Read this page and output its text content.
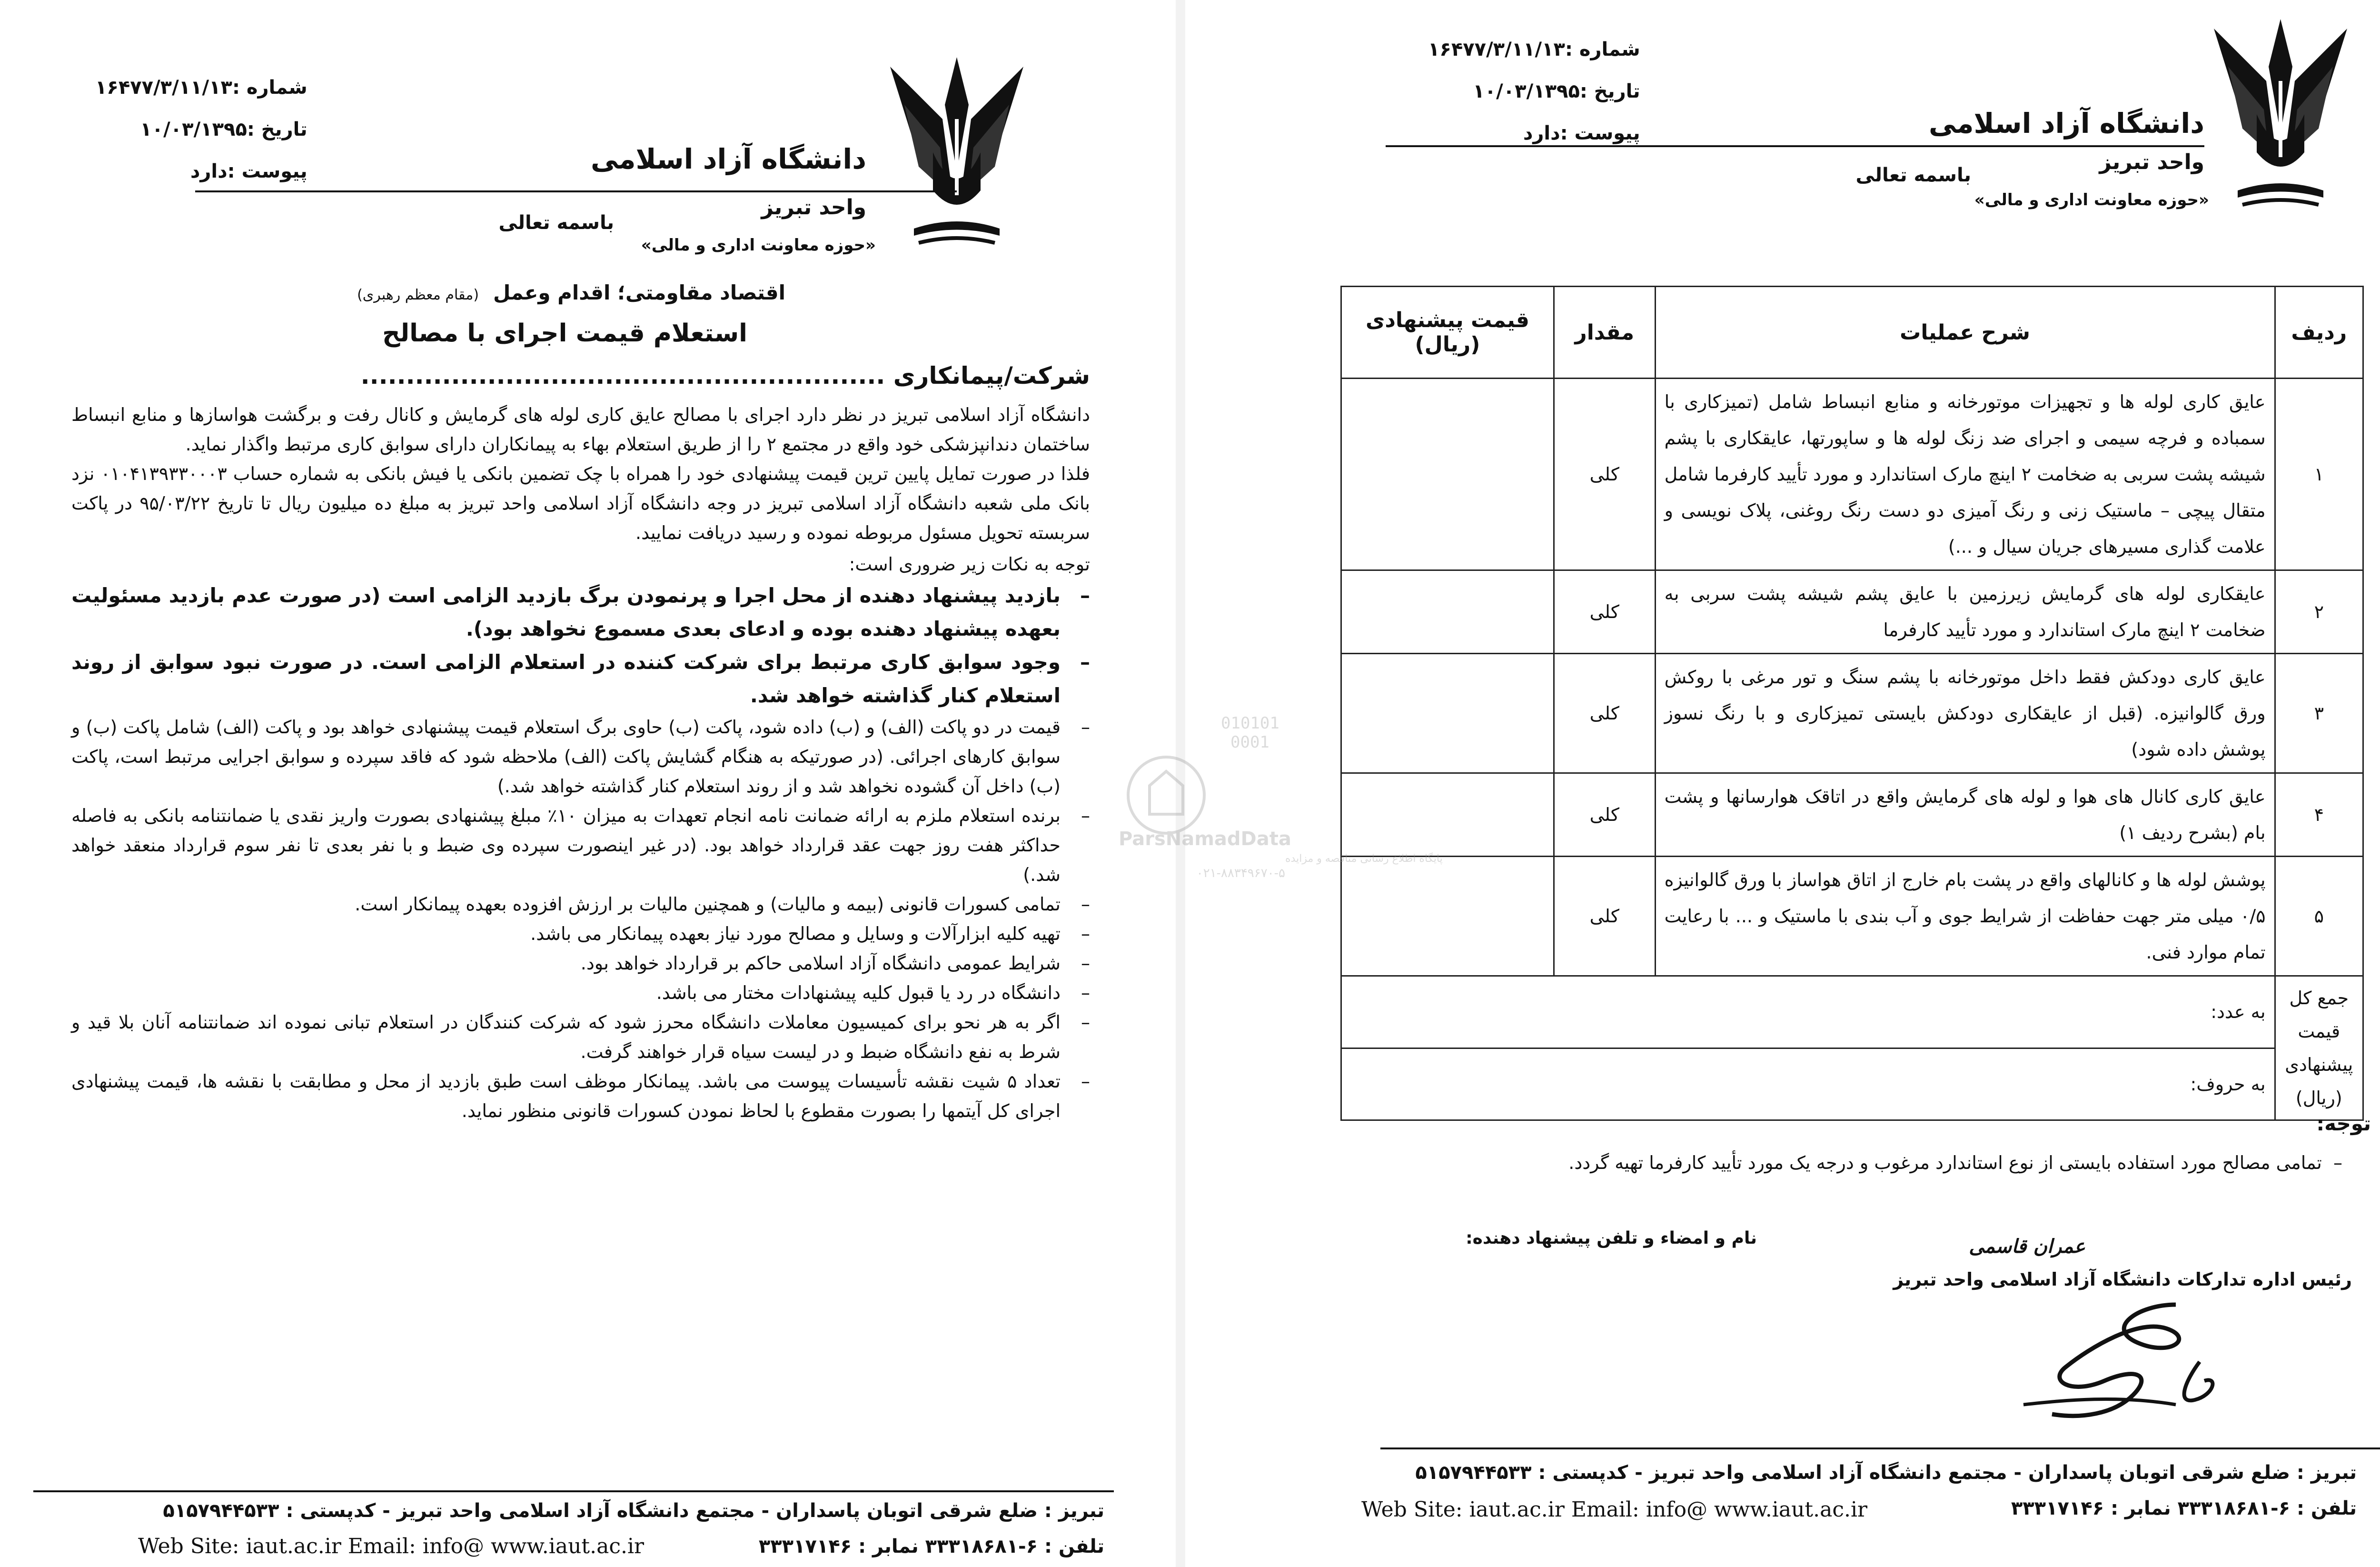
دانشگاه آزاد اسلامی
واحد تبریز
باسمه تعالی
«حوزه معاونت اداری و مالی»
شماره :۱۶۴۷۷/۳/۱۱/۱۳
تاریخ :۱۰/۰۳/۱۳۹۵
پیوست :دارد
اقتصاد مقاومتی؛ اقدام وعمل(مقام معظم رهبری)
استعلام قیمت اجرای با مصالح
شرکت/پیمانکاری ..........................................................

دانشگاه آزاد اسلامی تبریز در نظر دارد اجرای با مصالح عایق کاری لوله های گرمایش و کانال رفت و برگشت هواسازها و منابع انبساط ساختمان دندانپزشکی خود واقع در مجتمع ۲ را از طریق استعلام بهاء به پیمانکاران دارای سوابق کاری مرتبط واگذار نماید.

فلذا در صورت تمایل پایین ترین قیمت پیشنهادی خود را همراه با چک تضمین بانکی یا فیش بانکی به شماره حساب ۰۱۰۴۱۳۹۳۳۰۰۰۳ نزد بانک ملی شعبه دانشگاه آزاد اسلامی تبریز در وجه دانشگاه آزاد اسلامی واحد تبریز به مبلغ ده میلیون ریال تا تاریخ ۹۵/۰۳/۲۲ در پاکت سربسته تحویل مسئول مربوطه نموده و رسید دریافت نمایید.

توجه به نکات زیر ضروری است:

– بازدید پیشنهاد دهنده از محل اجرا و پرنمودن برگ بازدید الزامی است (در صورت عدم بازدید مسئولیت بعهده پیشنهاد دهنده بوده و ادعای بعدی مسموع نخواهد بود).
– وجود سوابق کاری مرتبط برای شرکت کننده در استعلام الزامی است. در صورت نبود سوابق از روند استعلام کنار گذاشته خواهد شد.
– قیمت در دو پاکت (الف) و (ب) داده شود، پاکت (ب) حاوی برگ استعلام قیمت پیشنهادی خواهد بود و پاکت (الف) شامل پاکت (ب) و سوابق کارهای اجرائی. (در صورتیکه به هنگام گشایش پاکت (الف) ملاحظه شود که فاقد سپرده و سوابق اجرایی مرتبط است، پاکت (ب) داخل آن گشوده نخواهد شد و از روند استعلام کنار گذاشته خواهد شد.)
– برنده استعلام ملزم به ارائه ضمانت نامه انجام تعهدات به میزان ۱۰٪ مبلغ پیشنهادی بصورت واریز نقدی یا ضمانتنامه بانکی به فاصله حداکثر هفت روز جهت عقد قرارداد خواهد بود. (در غیر اینصورت سپرده وی ضبط و با نفر بعدی تا نفر سوم قرارداد منعقد خواهد شد.)
– تمامی کسورات قانونی (بیمه و مالیات) و همچنین مالیات بر ارزش افزوده بعهده پیمانکار است.
– تهیه کلیه ابزارآلات و وسایل و مصالح مورد نیاز بعهده پیمانکار می باشد.
– شرایط عمومی دانشگاه آزاد اسلامی حاکم بر قرارداد خواهد بود.
– دانشگاه در رد یا قبول کلیه پیشنهادات مختار می باشد.
– اگر به هر نحو برای کمیسیون معاملات دانشگاه محرز شود که شرکت کنندگان در استعلام تبانی نموده اند ضمانتنامه آنان بلا قید و شرط به نفع دانشگاه ضبط و در لیست سیاه قرار خواهند گرفت.
– تعداد ۵ شیت نقشه تأسیسات پیوست می باشد. پیمانکار موظف است طبق بازدید از محل و مطابقت با نقشه ها، قیمت پیشنهادی اجرای کل آیتمها را بصورت مقطوع با لحاظ نمودن کسورات قانونی منظور نماید.
تبریز : ضلع شرقی اتوبان پاسداران - مجتمع دانشگاه آزاد اسلامی واحد تبریز - کدپستی : ۵۱۵۷۹۴۴۵۳۳
تلفن : ۶-۳۳۳۱۸۶۸۱ نمابر : ۳۳۳۱۷۱۴۶
Web Site: iaut.ac.ir Email: info@ www.iaut.ac.ir
دانشگاه آزاد اسلامی
واحد تبریز
باسمه تعالی
«حوزه معاونت اداری و مالی»
شماره :۱۶۴۷۷/۳/۱۱/۱۳
تاریخ :۱۰/۰۳/۱۳۹۵
پیوست :دارد
ردیف	شرح عملیات	مقدار	قیمت پیشنهادی (ریال)
۱	عایق کاری لوله ها و تجهیزات موتورخانه و منابع انبساط شامل (تمیزکاری با سمباده و فرچه سیمی و اجرای ضد زنگ لوله ها و ساپورتها، عایقکاری با پشم شیشه پشت سربی به ضخامت ۲ اینچ مارک استاندارد و مورد تأیید کارفرما شامل متقال پیچی – ماستیک زنی و رنگ آمیزی دو دست رنگ روغنی، پلاک نویسی و علامت گذاری مسیرهای جریان سیال و ...)	کلی	
۲	عایقکاری لوله های گرمایش زیرزمین با عایق پشم شیشه پشت سربی به ضخامت ۲ اینچ مارک استاندارد و مورد تأیید کارفرما	کلی	
۳	عایق کاری دودکش فقط داخل موتورخانه با پشم سنگ و تور مرغی با روکش ورق گالوانیزه. (قبل از عایقکاری دودکش بایستی تمیزکاری و با رنگ نسوز پوشش داده شود)	کلی	
۴	عایق کاری کانال های هوا و لوله های گرمایش واقع در اتاقک هوارسانها و پشت بام (بشرح ردیف ۱)	کلی	
۵	پوشش لوله ها و کانالهای واقع در پشت بام خارج از اتاق هواساز با ورق گالوانیزه ۰/۵ میلی متر جهت حفاظت از شرایط جوی و آب بندی با ماستیک و ... با رعایت تمام موارد فنی.	کلی	
جمع کل قیمت پیشنهادی (ریال)	به عدد:		
	به حروف:		
توجه:
–  تمامی مصالح مورد استفاده بایستی از نوع استاندارد مرغوب و درجه یک مورد تأیید کارفرما تهیه گردد.
نام و امضاء و تلفن پیشنهاد دهنده:	عمران قاسمی
رئیس اداره تدارکات دانشگاه آزاد اسلامی واحد تبریز
تبریز : ضلع شرقی اتوبان پاسداران - مجتمع دانشگاه آزاد اسلامی واحد تبریز - کدپستی : ۵۱۵۷۹۴۴۵۳۳
تلفن : ۶-۳۳۳۱۸۶۸۱ نمابر : ۳۳۳۱۷۱۴۶
Web Site: iaut.ac.ir Email: info@ www.iaut.ac.ir
010101
0001
ParsNamadData
پایگاه اطلاع رسانی مناقصه و مزایده
۰۲۱-۸۸۳۴۹۶۷۰-۵
